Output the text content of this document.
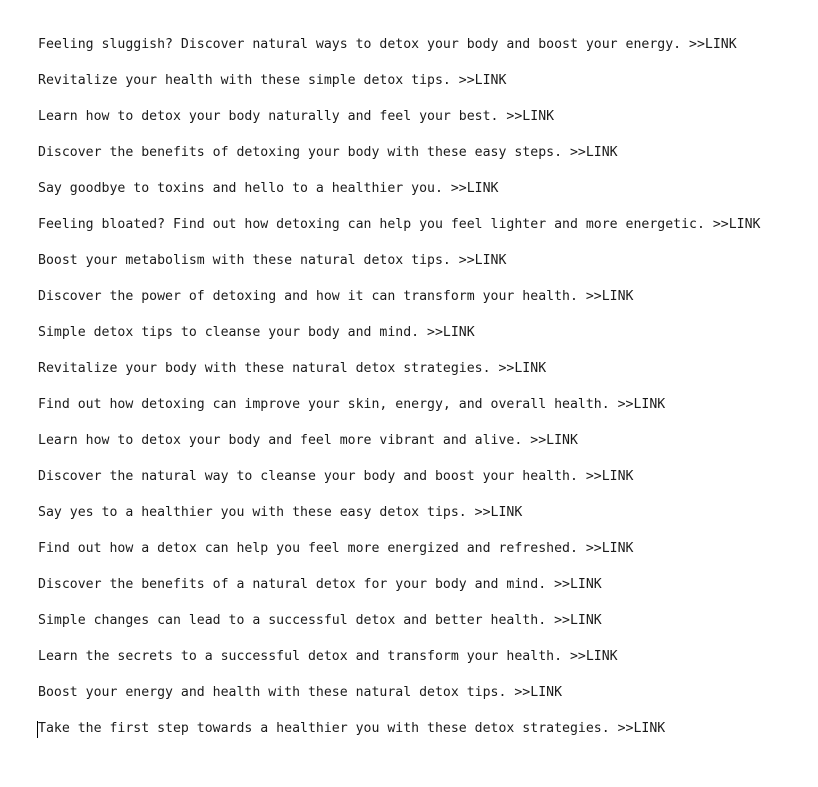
Feeling sluggish? Discover natural ways to detox your body and boost your energy. >>LINK
Revitalize your health with these simple detox tips. >>LINK
Learn how to detox your body naturally and feel your best. >>LINK
Discover the benefits of detoxing your body with these easy steps. >>LINK
Say goodbye to toxins and hello to a healthier you. >>LINK
Feeling bloated? Find out how detoxing can help you feel lighter and more energetic. >>LINK
Boost your metabolism with these natural detox tips. >>LINK
Discover the power of detoxing and how it can transform your health. >>LINK
Simple detox tips to cleanse your body and mind. >>LINK
Revitalize your body with these natural detox strategies. >>LINK
Find out how detoxing can improve your skin, energy, and overall health. >>LINK
Learn how to detox your body and feel more vibrant and alive. >>LINK
Discover the natural way to cleanse your body and boost your health. >>LINK
Say yes to a healthier you with these easy detox tips. >>LINK
Find out how a detox can help you feel more energized and refreshed. >>LINK
Discover the benefits of a natural detox for your body and mind. >>LINK
Simple changes can lead to a successful detox and better health. >>LINK
Learn the secrets to a successful detox and transform your health. >>LINK
Boost your energy and health with these natural detox tips. >>LINK
Take the first step towards a healthier you with these detox strategies. >>LINK
